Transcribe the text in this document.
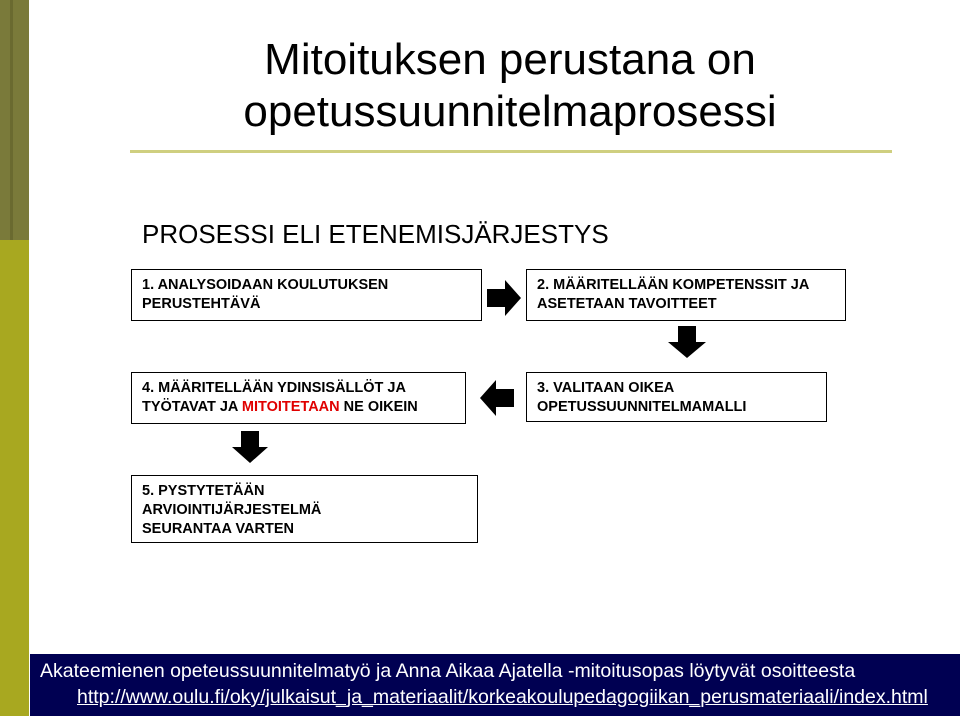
Mitoituksen perustana on
opetussuunnitelmaprosessi
PROSESSI ELI ETENEMISJÄRJESTYS
1. ANALYSOIDAAN KOULUTUKSEN
PERUSTEHTÄVÄ
2. MÄÄRITELLÄÄN KOMPETENSSIT JA
ASETETAAN TAVOITTEET
3. VALITAAN OIKEA
OPETUSSUUNNITELMAMALLI
4. MÄÄRITELLÄÄN YDINSISÄLLÖT JA
TYÖTAVAT JA MITOITETAAN NE OIKEIN
5. PYSTYTETÄÄN
ARVIOINTIJÄRJESTELMÄ
SEURANTAA VARTEN
Akateemienen opeteussuunnitelmatyö ja Anna Aikaa Ajatella -mitoitusopas löytyvät osoitteesta
http://www.oulu.fi/oky/julkaisut_ja_materiaalit/korkeakoulupedagogiikan_perusmateriaali/index.html
